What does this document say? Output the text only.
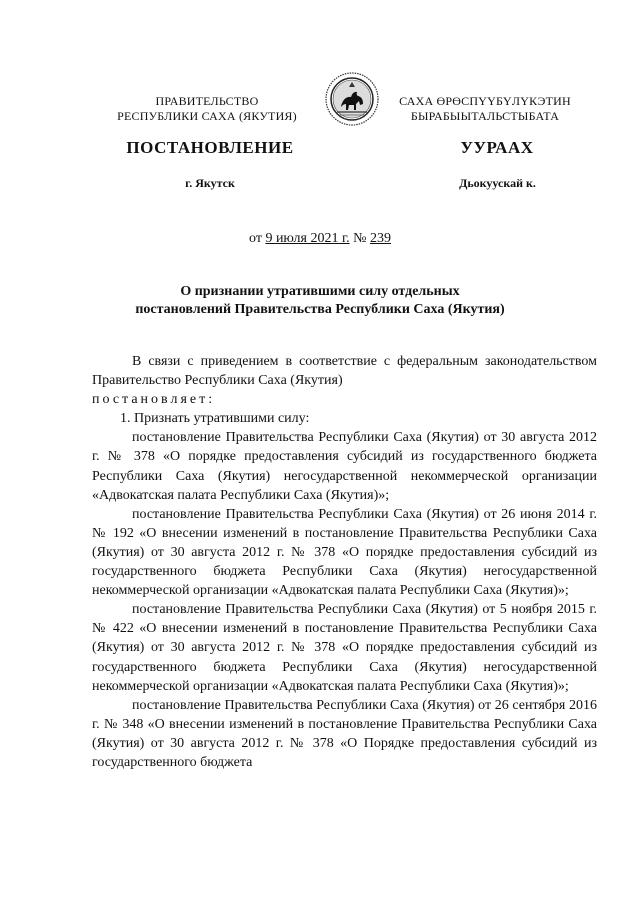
ПРАВИТЕЛЬСТВО
РЕСПУБЛИКИ САХА (ЯКУТИЯ)
САХА ӨРӨСПҮҮБҮЛҮКЭТИН
БЫРАБЫЫТАЛЬСТЫБАТА
ПОСТАНОВЛЕНИЕ	УУРААХ
г. Якутск	Дьокуускай к.
от 9 июля 2021 г. № 239
О признании утратившими силу отдельных
постановлений Правительства Республики Саха (Якутия)

В связи с приведением в соответствие с федеральным законодательством Правительство Республики Саха (Якутия)

постановляет:

1. Признать утратившими силу:

постановление Правительства Республики Саха (Якутия) от 30 августа 2012 г. № 378 «О порядке предоставления субсидий из государственного бюджета Республики Саха (Якутия) негосударственной некоммерческой организации «Адвокатская палата Республики Саха (Якутия)»;

постановление Правительства Республики Саха (Якутия) от 26 июня 2014 г. № 192 «О внесении изменений в постановление Правительства Республики Саха (Якутия) от 30 августа 2012 г. № 378 «О порядке предоставления субсидий из государственного бюджета Республики Саха (Якутия) негосударственной некоммерческой организации «Адвокатская палата Республики Саха (Якутия)»;

постановление Правительства Республики Саха (Якутия) от 5 ноября 2015 г. № 422 «О внесении изменений в постановление Правительства Республики Саха (Якутия) от 30 августа 2012 г. № 378 «О порядке предоставления субсидий из государственного бюджета Республики Саха (Якутия) негосударственной некоммерческой организации «Адвокатская палата Республики Саха (Якутия)»;

постановление Правительства Республики Саха (Якутия) от 26 сентября 2016 г. № 348 «О внесении изменений в постановление Правительства Республики Саха (Якутия) от 30 августа 2012 г. № 378 «О Порядке предоставления субсидий из государственного бюджета
